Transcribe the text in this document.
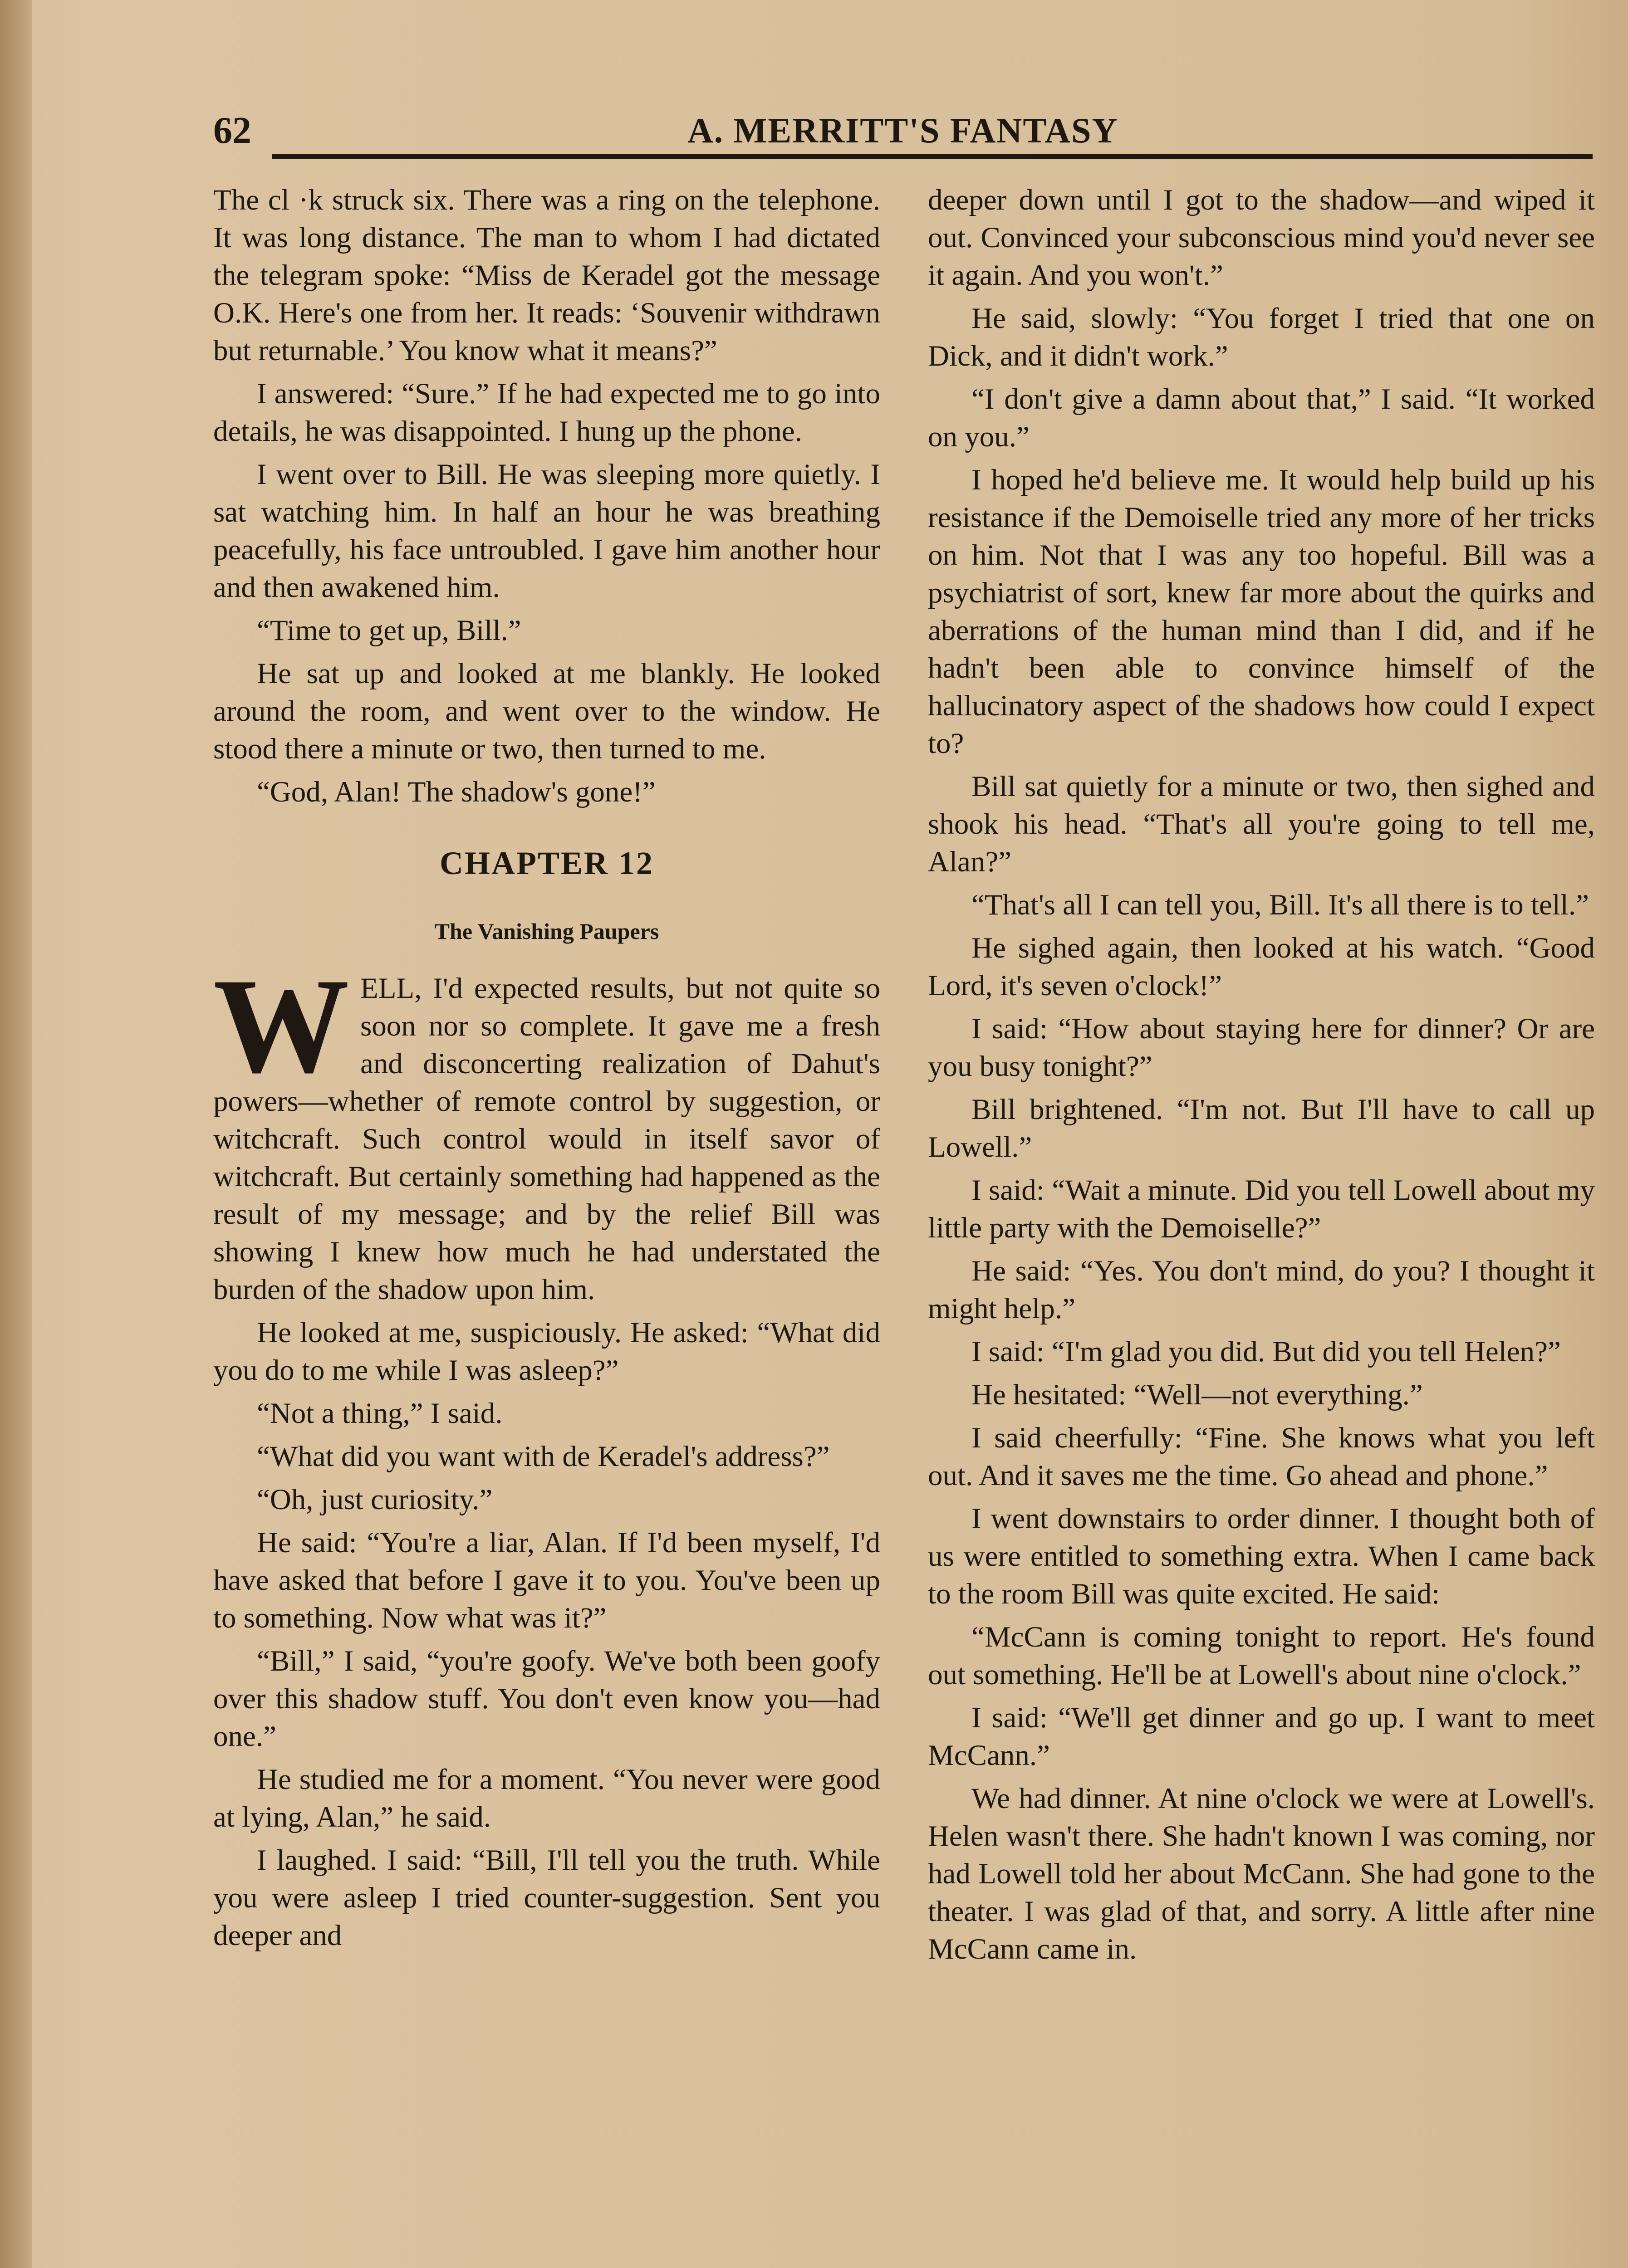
62	A. MERRITT'S FANTASY

The cl ·k struck six. There was a ring on the telephone. It was long distance. The man to whom I had dictated the telegram spoke: “Miss de Keradel got the message O.K. Here's one from her. It reads: ‘Souvenir withdrawn but returnable.’ You know what it means?”

I answered: “Sure.” If he had expected me to go into details, he was disappointed. I hung up the phone.

I went over to Bill. He was sleeping more quietly. I sat watching him. In half an hour he was breathing peacefully, his face untroubled. I gave him another hour and then awakened him.

“Time to get up, Bill.”

He sat up and looked at me blankly. He looked around the room, and went over to the window. He stood there a minute or two, then turned to me.

“God, Alan! The shadow's gone!”

CHAPTER 12
The Vanishing Paupers

WELL, I'd expected results, but not quite so soon nor so complete. It gave me a fresh and disconcerting realization of Dahut's powers—whether of remote control by suggestion, or witchcraft. Such control would in itself savor of witchcraft. But certainly something had happened as the result of my message; and by the relief Bill was showing I knew how much he had understated the burden of the shadow upon him.

He looked at me, suspiciously. He asked: “What did you do to me while I was asleep?”

“Not a thing,” I said.

“What did you want with de Keradel's address?”

“Oh, just curiosity.”

He said: “You're a liar, Alan. If I'd been myself, I'd have asked that before I gave it to you. You've been up to something. Now what was it?”

“Bill,” I said, “you're goofy. We've both been goofy over this shadow stuff. You don't even know you—had one.”

He studied me for a moment. “You never were good at lying, Alan,” he said.

I laughed. I said: “Bill, I'll tell you the truth. While you were asleep I tried counter-suggestion. Sent you deeper and

deeper down until I got to the shadow—and wiped it out. Convinced your subconscious mind you'd never see it again. And you won't.”

He said, slowly: “You forget I tried that one on Dick, and it didn't work.”

“I don't give a damn about that,” I said. “It worked on you.”

I hoped he'd believe me. It would help build up his resistance if the Demoiselle tried any more of her tricks on him. Not that I was any too hopeful. Bill was a psychiatrist of sort, knew far more about the quirks and aberrations of the human mind than I did, and if he hadn't been able to convince himself of the hallucinatory aspect of the shadows how could I expect to?

Bill sat quietly for a minute or two, then sighed and shook his head. “That's all you're going to tell me, Alan?”

“That's all I can tell you, Bill. It's all there is to tell.”

He sighed again, then looked at his watch. “Good Lord, it's seven o'clock!”

I said: “How about staying here for dinner? Or are you busy tonight?”

Bill brightened. “I'm not. But I'll have to call up Lowell.”

I said: “Wait a minute. Did you tell Lowell about my little party with the Demoiselle?”

He said: “Yes. You don't mind, do you? I thought it might help.”

I said: “I'm glad you did. But did you tell Helen?”

He hesitated: “Well—not everything.”

I said cheerfully: “Fine. She knows what you left out. And it saves me the time. Go ahead and phone.”

I went downstairs to order dinner. I thought both of us were entitled to something extra. When I came back to the room Bill was quite excited. He said:

“McCann is coming tonight to report. He's found out something. He'll be at Lowell's about nine o'clock.”

I said: “We'll get dinner and go up. I want to meet McCann.”

We had dinner. At nine o'clock we were at Lowell's. Helen wasn't there. She hadn't known I was coming, nor had Lowell told her about McCann. She had gone to the theater. I was glad of that, and sorry. A little after nine McCann came in.
